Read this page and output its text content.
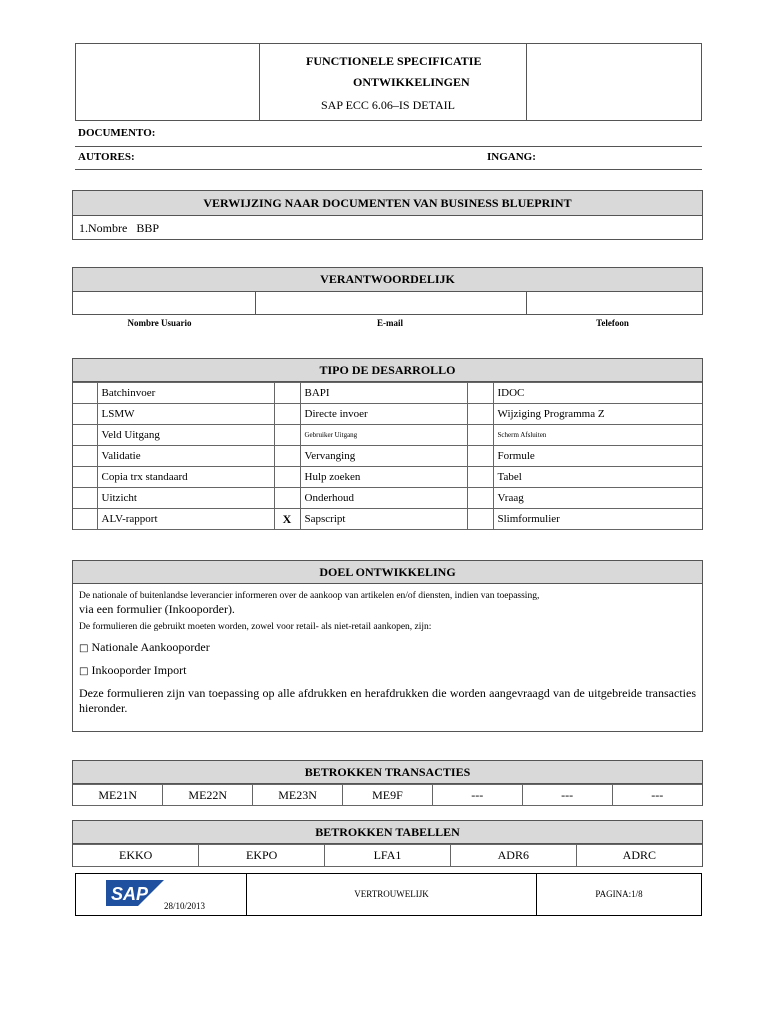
FUNCTIONELE SPECIFICATIE
ONTWIKKELINGEN
SAP ECC 6.06–IS DETAIL
DOCUMENTO:
AUTORES:	INGANG:
VERWIJZING NAAR DOCUMENTEN VAN BUSINESS BLUEPRINT
1.Nombre   BBP
VERANTWOORDELIJK
Nombre Usuario	E-mail	Telefoon
TIPO DE DESARROLLO
	Batchinvoer		BAPI		IDOC
	LSMW		Directe invoer		Wijziging Programma Z
	Veld Uitgang		Gebruiker Uitgang		Scherm Afsluiten
	Validatie		Vervanging		Formule
	Copia trx standaard		Hulp zoeken		Tabel
	Uitzicht		Onderhoud		Vraag
	ALV-rapport	X	Sapscript		Slimformulier
DOEL ONTWIKKELING

De nationale of buitenlandse leverancier informeren over de aankoop van artikelen en/of diensten, indien van toepassing,

via een formulier (Inkooporder).

De formulieren die gebruikt moeten worden, zowel voor retail- als niet-retail aankopen, zijn:

□ Nationale Aankooporder

□ Inkooporder Import

Deze formulieren zijn van toepassing op alle afdrukken en herafdrukken die worden aangevraagd van de uitgebreide transacties hieronder.

BETROKKEN TRANSACTIES
ME21N	ME22N	ME23N	ME9F	---	---	---
BETROKKEN TABELLEN
EKKO	EKPO	LFA1	ADR6	ADRC
SAP
28/10/2013
VERTROUWELIJK	PAGINA:1/8
